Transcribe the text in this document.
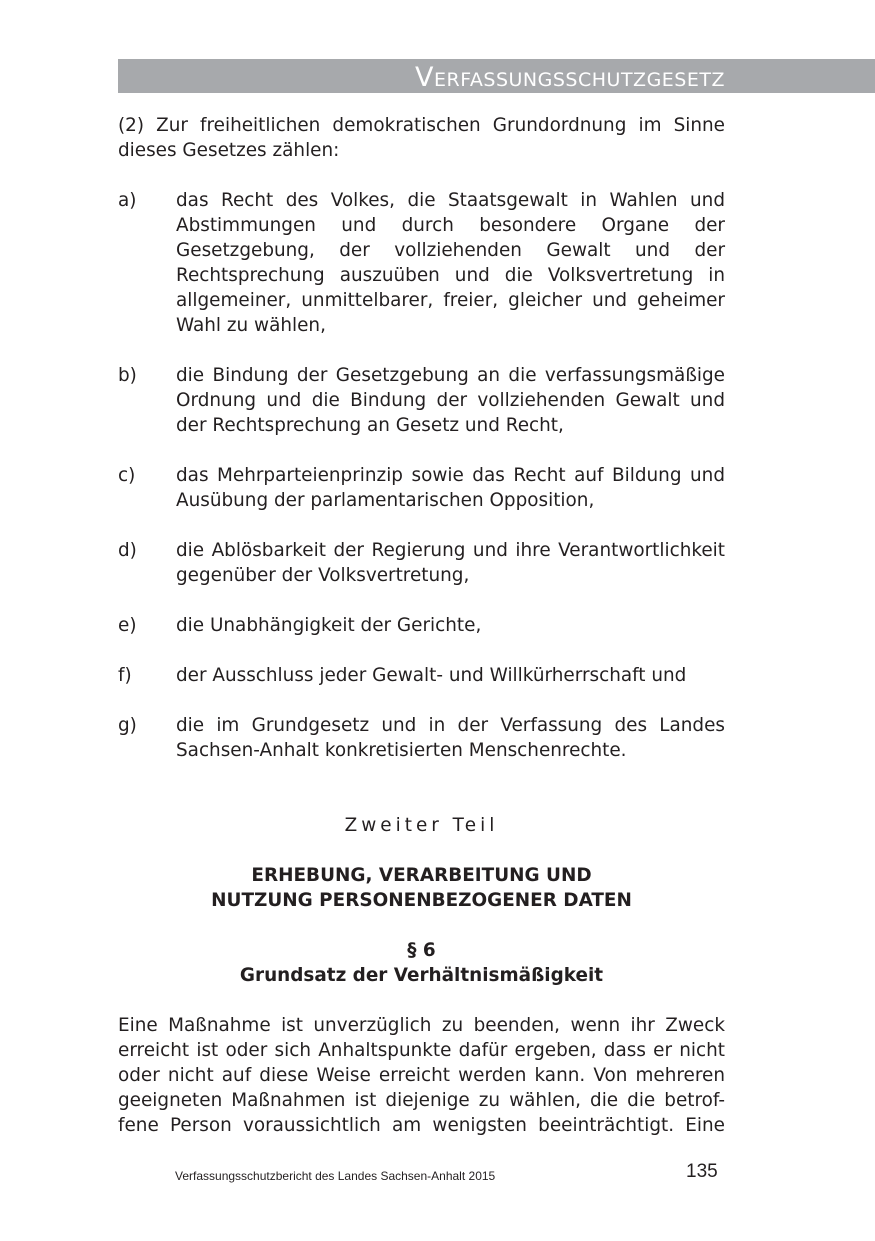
Verfassungsschutzgesetz

(2) Zur freiheitlichen demokratischen Grundordnung im Sinne
dieses Gesetzes zählen:

a)	das Recht des Volkes, die Staatsgewalt in Wahlen und Abstimmungen und durch besondere Organe der Gesetzgebung, der vollziehenden Gewalt und der Rechtsprechung auszuüben und die Volksvertretung in allgemeiner, unmittelbarer, freier, gleicher und geheimer Wahl zu wählen,
b)	die Bindung der Gesetzgebung an die verfassungsmäßige Ordnung und die Bindung der vollziehenden Gewalt und der Rechtsprechung an Gesetz und Recht,
c)	das Mehrparteienprinzip sowie das Recht auf Bildung und Ausübung der parlamentarischen Opposition,
d)	die Ablösbarkeit der Regierung und ihre Verantwortlichkeit gegenüber der Volksvertretung,
e)	die Unabhängigkeit der Gerichte,
f)	der Ausschluss jeder Gewalt- und Willkürherrschaft und
g)	die im Grundgesetz und in der Verfassung des Landes Sachsen-Anhalt konkretisierten Menschenrechte.
Zweiter Teil
ERHEBUNG, VERARBEITUNG UND
NUTZUNG PERSONENBEZOGENER DATEN
§ 6
Grundsatz der Verhältnismäßigkeit

Eine Maßnahme ist unverzüglich zu beenden, wenn ihr Zweck
erreicht ist oder sich Anhaltspunkte dafür ergeben, dass er nicht
oder nicht auf diese Weise erreicht werden kann. Von mehreren
geeigneten Maßnahmen ist diejenige zu wählen, die die betrof-
fene Person voraussichtlich am wenigsten beeinträchtigt. Eine

Verfassungsschutzbericht des Landes Sachsen-Anhalt 2015	135
